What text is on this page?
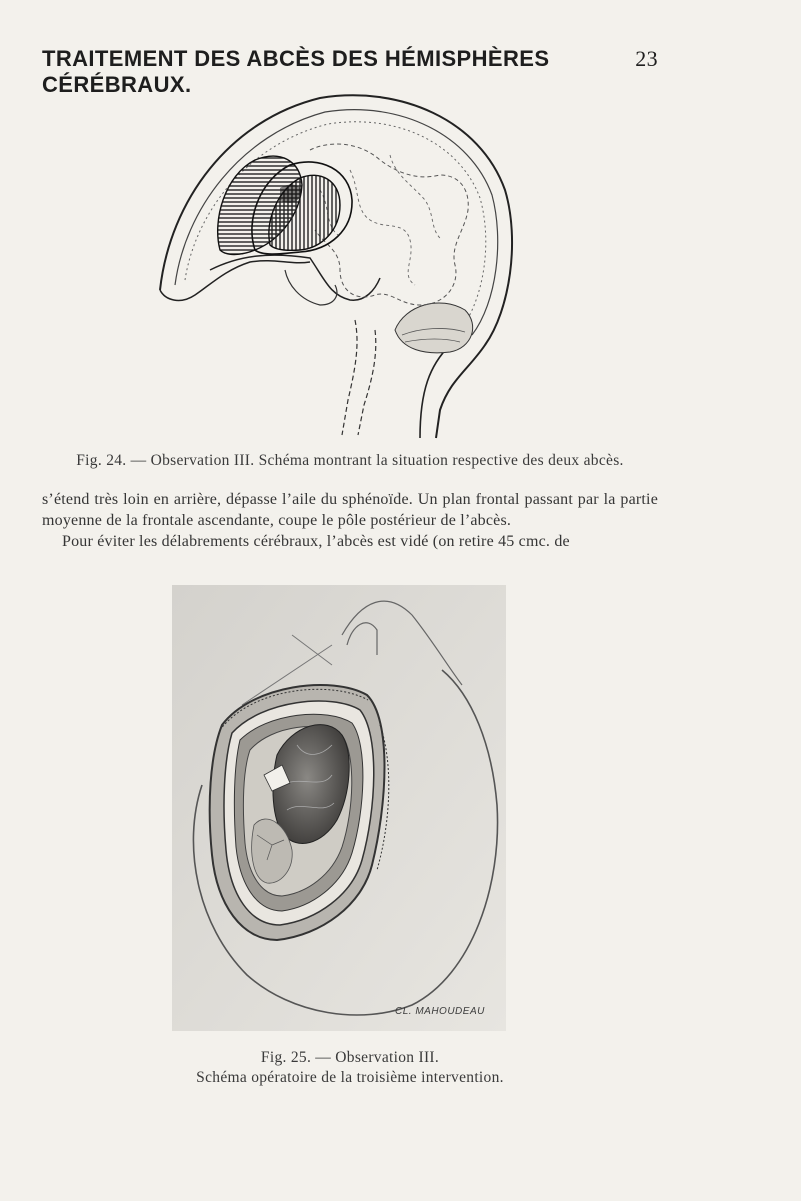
TRAITEMENT DES ABCÈS DES HÉMISPHÈRES CÉRÉBRAUX.
23
Fig. 24. — Observation III. Schéma montrant la situation respective des deux abcès.

s’étend très loin en arrière, dépasse l’aile du sphénoïde. Un plan frontal passant par la partie moyenne de la frontale ascendante, coupe le pôle postérieur de l’abcès.

Pour éviter les délabrements cérébraux, l’abcès est vidé (on retire 45 cmc. de

CL. MAHOUDEAU
Fig. 25. — Observation III.
Schéma opératoire de la troisième intervention.
